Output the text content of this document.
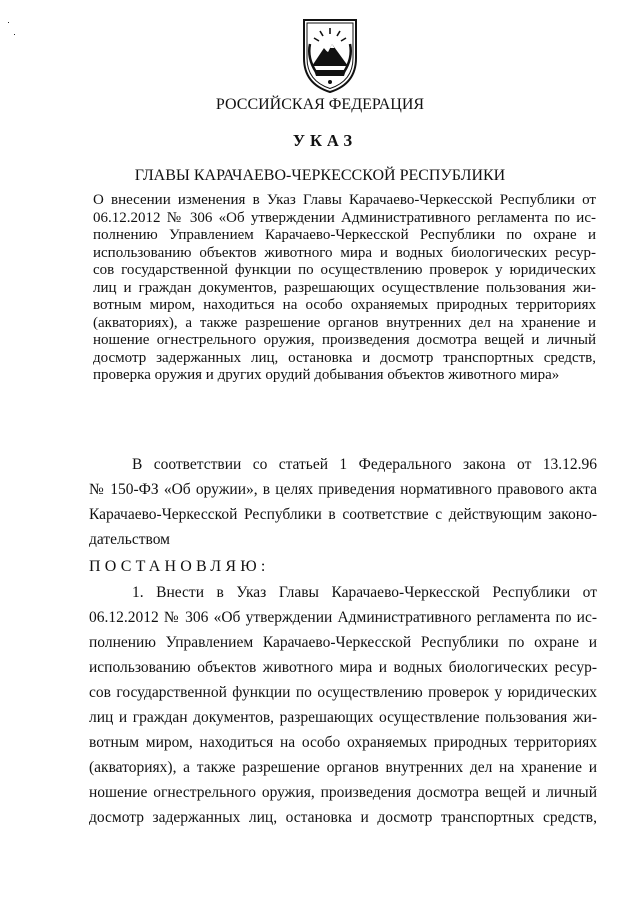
РОССИЙСКАЯ ФЕДЕРАЦИЯ
УКАЗ
ГЛАВЫ КАРАЧАЕВО-ЧЕРКЕССКОЙ РЕСПУБЛИКИ
О внесении изменения в Указ Главы Карачаево-Черкесской Республики от
06.12.2012 № 306 «Об утверждении Административного регламента по ис-
полнению Управлением Карачаево-Черкесской Республики по охране и
использованию объектов животного мира и водных биологических ресур-
сов государственной функции по осуществлению проверок у юридических
лиц и граждан документов, разрешающих осуществление пользования жи-
вотным миром, находиться на особо охраняемых природных территориях
(акваториях), а также разрешение органов внутренних дел на хранение и
ношение огнестрельного оружия, произведения досмотра вещей и личный
досмотр задержанных лиц, остановка и досмотр транспортных средств,
проверка оружия и других орудий добывания объектов животного мира»
В соответствии со статьей 1 Федерального закона от 13.12.96
№ 150-ФЗ «Об оружии», в целях приведения нормативного правового акта
Карачаево-Черкесской Республики в соответствие с действующим законо-
дательством
ПОСТАНОВЛЯЮ:
1. Внести в Указ Главы Карачаево-Черкесской Республики от
06.12.2012 № 306 «Об утверждении Административного регламента по ис-
полнению Управлением Карачаево-Черкесской Республики по охране и
использованию объектов животного мира и водных биологических ресур-
сов государственной функции по осуществлению проверок у юридических
лиц и граждан документов, разрешающих осуществление пользования жи-
вотным миром, находиться на особо охраняемых природных территориях
(акваториях), а также разрешение органов внутренних дел на хранение и
ношение огнестрельного оружия, произведения досмотра вещей и личный
досмотр задержанных лиц, остановка и досмотр транспортных средств,
